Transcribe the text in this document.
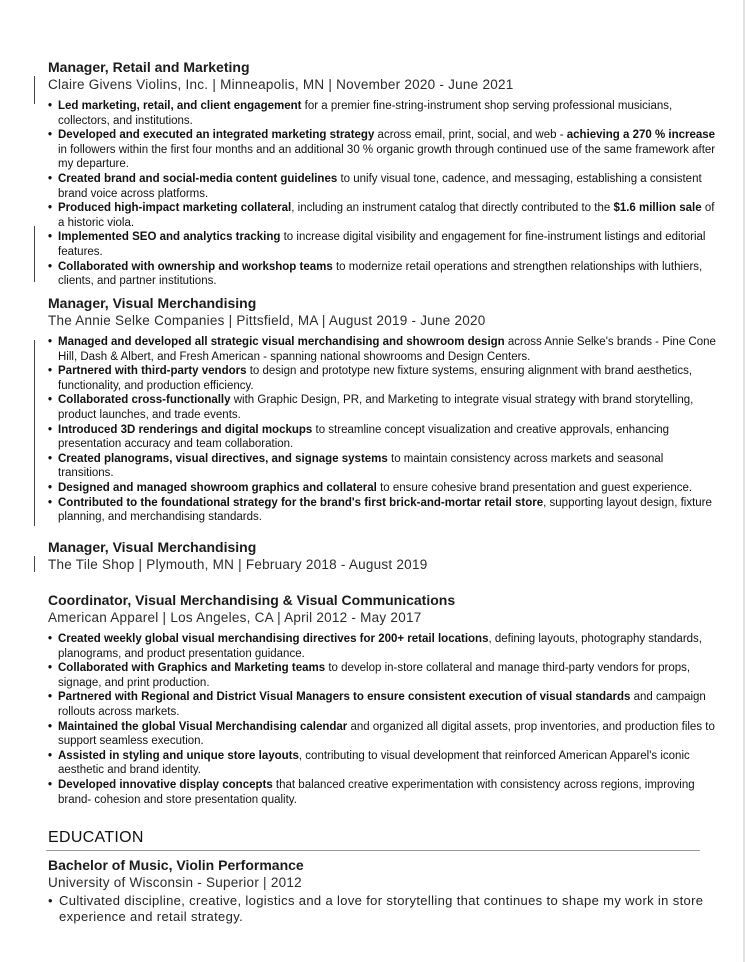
Manager, Retail and Marketing
Claire Givens Violins, Inc. | Minneapolis, MN | November 2020 - June 2021
• Led marketing, retail, and client engagement for a premier fine-string-instrument shop serving professional musicians, collectors, and institutions.
• Developed and executed an integrated marketing strategy across email, print, social, and web - achieving a 270 % increase in followers within the first four months and an additional 30 % organic growth through continued use of the same framework after my departure.
• Created brand and social-media content guidelines to unify visual tone, cadence, and messaging, establishing a consistent brand voice across platforms.
• Produced high-impact marketing collateral, including an instrument catalog that directly contributed to the $1.6 million sale of a historic viola.
• Implemented SEO and analytics tracking to increase digital visibility and engagement for fine-instrument listings and editorial features.
• Collaborated with ownership and workshop teams to modernize retail operations and strengthen relationships with luthiers, clients, and partner institutions.
Manager, Visual Merchandising
The Annie Selke Companies | Pittsfield, MA | August 2019 - June 2020
• Managed and developed all strategic visual merchandising and showroom design across Annie Selke's brands - Pine Cone Hill, Dash & Albert, and Fresh American - spanning national showrooms and Design Centers.
• Partnered with third-party vendors to design and prototype new fixture systems, ensuring alignment with brand aesthetics, functionality, and production efficiency.
• Collaborated cross-functionally with Graphic Design, PR, and Marketing to integrate visual strategy with brand storytelling, product launches, and trade events.
• Introduced 3D renderings and digital mockups to streamline concept visualization and creative approvals, enhancing presentation accuracy and team collaboration.
• Created planograms, visual directives, and signage systems to maintain consistency across markets and seasonal transitions.
• Designed and managed showroom graphics and collateral to ensure cohesive brand presentation and guest experience.
• Contributed to the foundational strategy for the brand's first brick-and-mortar retail store, supporting layout design, fixture planning, and merchandising standards.
Manager, Visual Merchandising
The Tile Shop | Plymouth, MN | February 2018 - August 2019
Coordinator, Visual Merchandising & Visual Communications
American Apparel | Los Angeles, CA | April 2012 - May 2017
• Created weekly global visual merchandising directives for 200+ retail locations, defining layouts, photography standards, planograms, and product presentation guidance.
• Collaborated with Graphics and Marketing teams to develop in-store collateral and manage third-party vendors for props, signage, and print production.
• Partnered with Regional and District Visual Managers to ensure consistent execution of visual standards and campaign rollouts across markets.
• Maintained the global Visual Merchandising calendar and organized all digital assets, prop inventories, and production files to support seamless execution.
• Assisted in styling and unique store layouts, contributing to visual development that reinforced American Apparel's iconic aesthetic and brand identity.
• Developed innovative display concepts that balanced creative experimentation with consistency across regions, improving brand- cohesion and store presentation quality.
EDUCATION
Bachelor of Music, Violin Performance
University of Wisconsin - Superior | 2012
• Cultivated discipline, creative, logistics and a love for storytelling that continues to shape my work in store experience and retail strategy.
